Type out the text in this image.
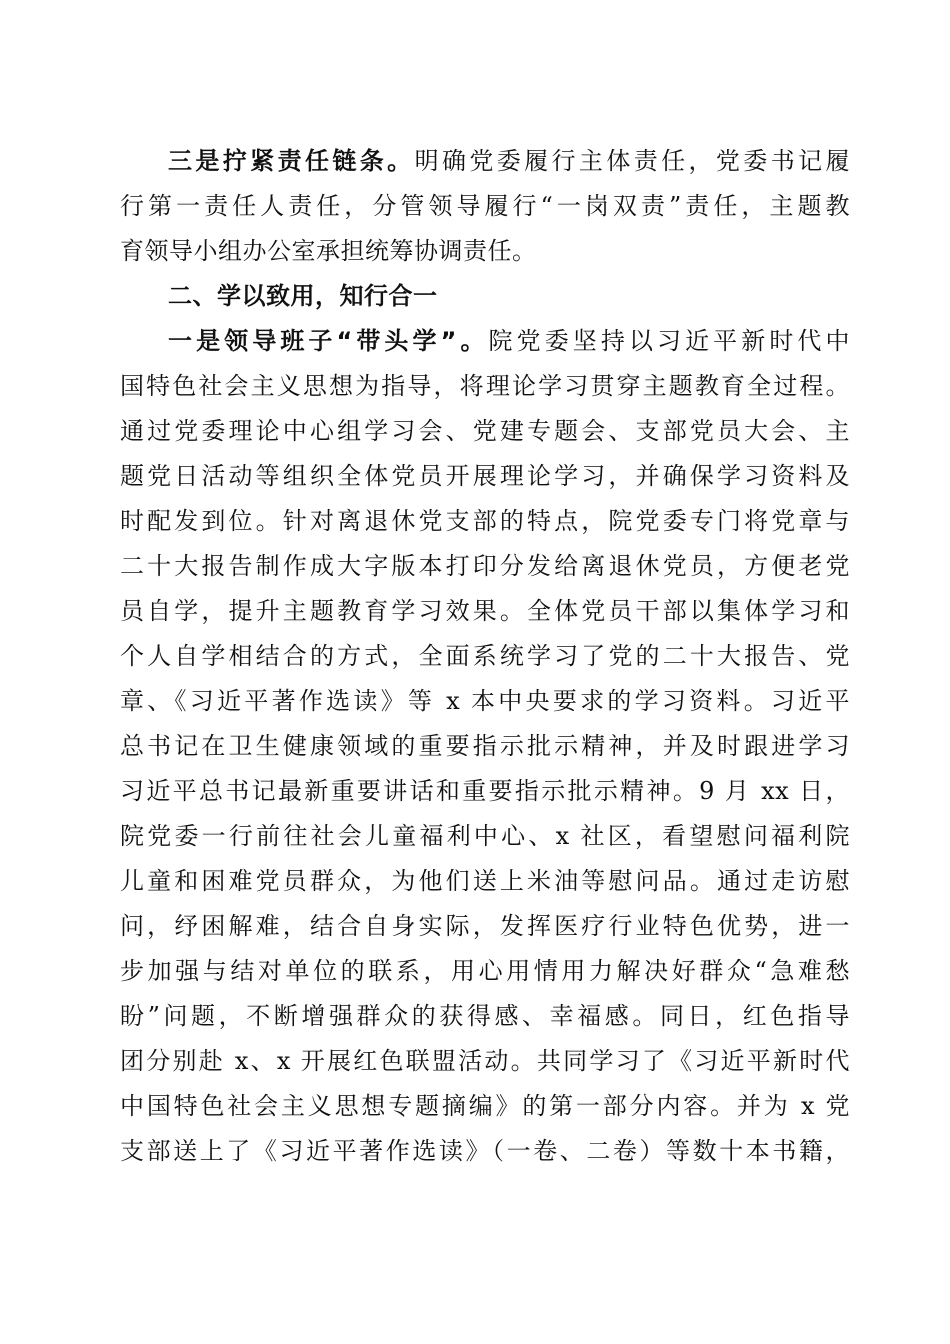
三是拧紧责任链条。明确党委履行主体责任，党委书记履
行第一责任人责任，分管领导履行“一岗双责”责任，主题教
育领导小组办公室承担统筹协调责任。
二、学以致用，知行合一
一是领导班子“带头学”。院党委坚持以习近平新时代中
国特色社会主义思想为指导，将理论学习贯穿主题教育全过程。
通过党委理论中心组学习会、党建专题会、支部党员大会、主
题党日活动等组织全体党员开展理论学习，并确保学习资料及
时配发到位。针对离退休党支部的特点，院党委专门将党章与
二十大报告制作成大字版本打印分发给离退休党员，方便老党
员自学，提升主题教育学习效果。全体党员干部以集体学习和
个人自学相结合的方式，全面系统学习了党的二十大报告、党
章、《习近平著作选读》等 x 本中央要求的学习资料。习近平
总书记在卫生健康领域的重要指示批示精神，并及时跟进学习
习近平总书记最新重要讲话和重要指示批示精神。9 月 xx 日，
院党委一行前往社会儿童福利中心、x 社区，看望慰问福利院
儿童和困难党员群众，为他们送上米油等慰问品。通过走访慰
问，纾困解难，结合自身实际，发挥医疗行业特色优势，进一
步加强与结对单位的联系，用心用情用力解决好群众“急难愁
盼”问题，不断增强群众的获得感、幸福感。同日，红色指导
团分别赴 x、x 开展红色联盟活动。共同学习了《习近平新时代
中国特色社会主义思想专题摘编》的第一部分内容。并为 x 党
支部送上了《习近平著作选读》（一卷、二卷）等数十本书籍，
